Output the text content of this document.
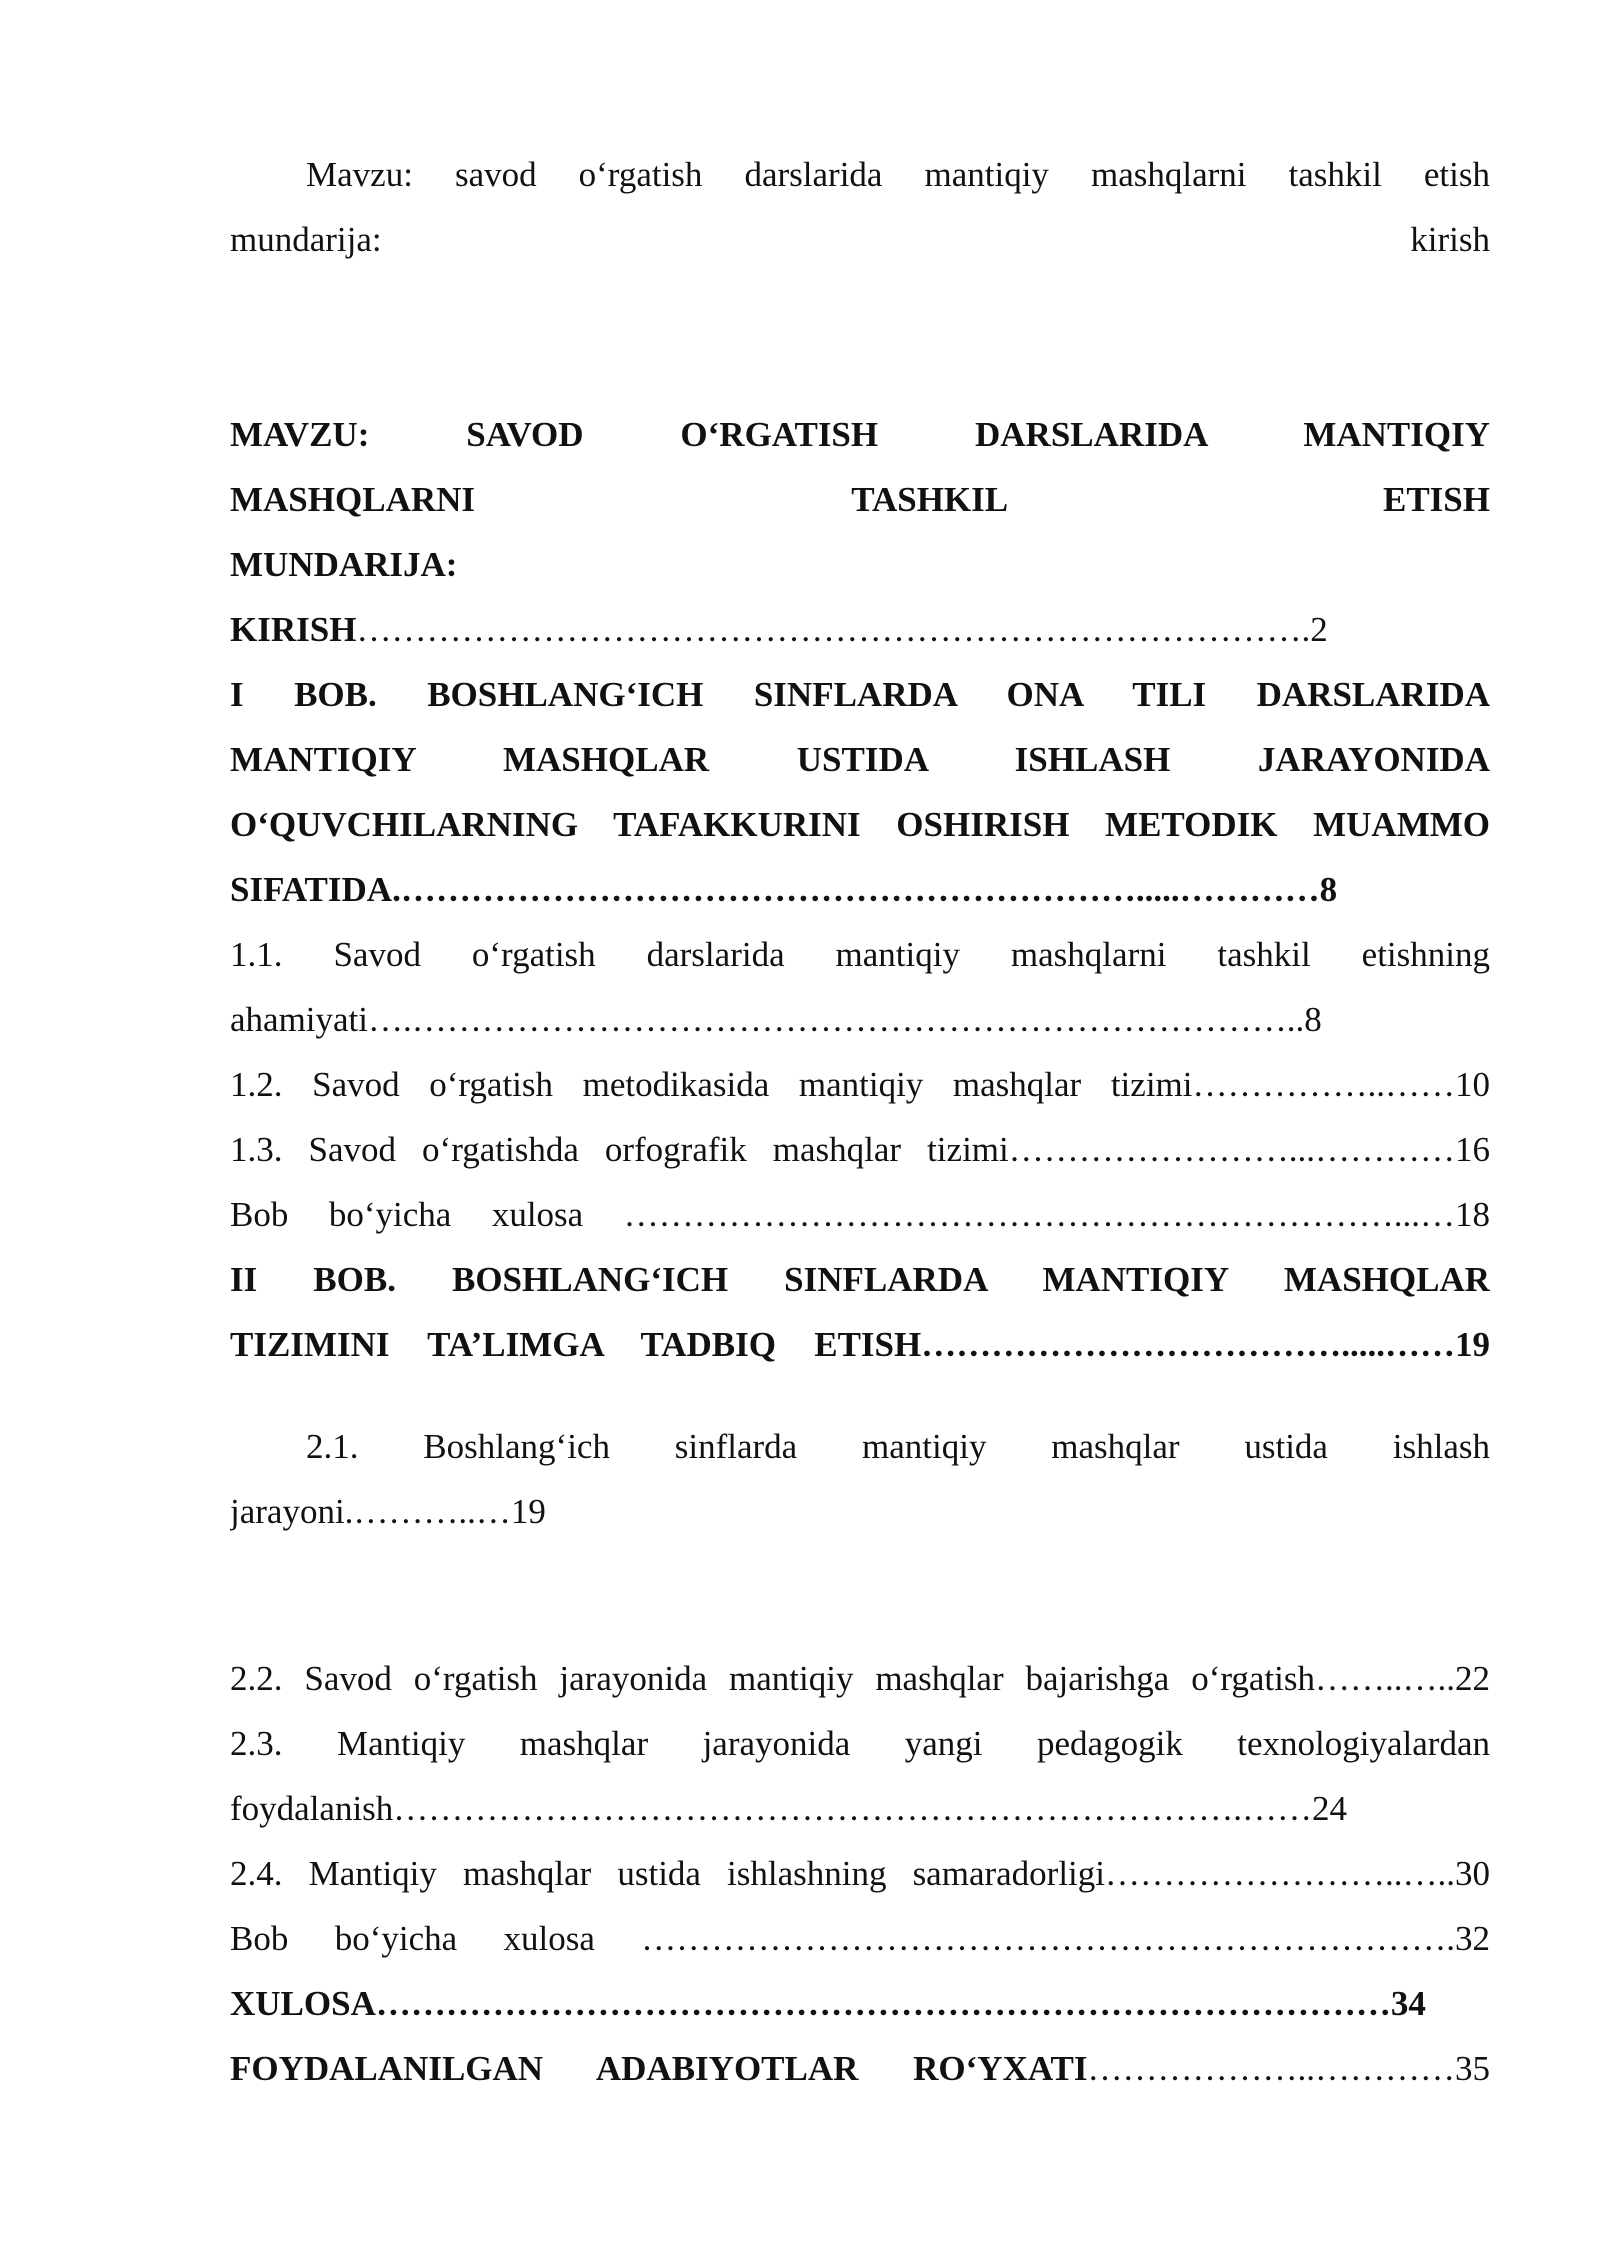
Mavzu: savod o‘rgatish darslarida mantiqiy mashqlarni tashkil etish
mundarija:	kirish
MAVZU: SAVOD O‘RGATISH DARSLARIDA MANTIQIY
MASHQLARNI TASHKIL ETISH
MUNDARIJA:
KIRISH……………………………………………………………………….2
I BOB. BOSHLANG‘ICH SINFLARDA ONA TILI DARSLARIDA
MANTIQIY MASHQLAR USTIDA ISHLASH JARAYONIDA
O‘QUVCHILARNING TAFAKKURINI OSHIRISH METODIK MUAMMO
SIFATIDA.……………………………………………………….....…………8
1.1. Savod o‘rgatish darslarida mantiqiy mashqlarni tashkil etishning
ahamiyati….…………………………………………………………………..8
1.2. Savod o‘rgatish metodikasida mantiqiy mashqlar tizimi……………..……10
1.3. Savod o‘rgatishda orfografik mashqlar tizimi……………………...…………16
Bob bo‘yicha xulosa …………………………………………………………...…18
II BOB. BOSHLANG‘ICH SINFLARDA MANTIQIY MASHQLAR
TIZIMINI TA’LIMGA TADBIQ ETISH……………………………….....……19
2.1. Boshlang‘ich sinflarda mantiqiy mashqlar ustida ishlash
jarayoni.………..…19
2.2. Savod o‘rgatish jarayonida mantiqiy mashqlar bajarishga o‘rgatish……..…..22
2.3. Mantiqiy mashqlar jarayonida yangi pedagogik texnologiyalardan
foydalanish……………………………………………………………….……24
2.4. Mantiqiy mashqlar ustida ishlashning samaradorligi……………………..…..30
Bob bo‘yicha xulosa …………………………………………………………….32
XULOSA……………………………………………………………………………34
FOYDALANILGAN ADABIYOTLAR RO‘YXATI………………..…………35
